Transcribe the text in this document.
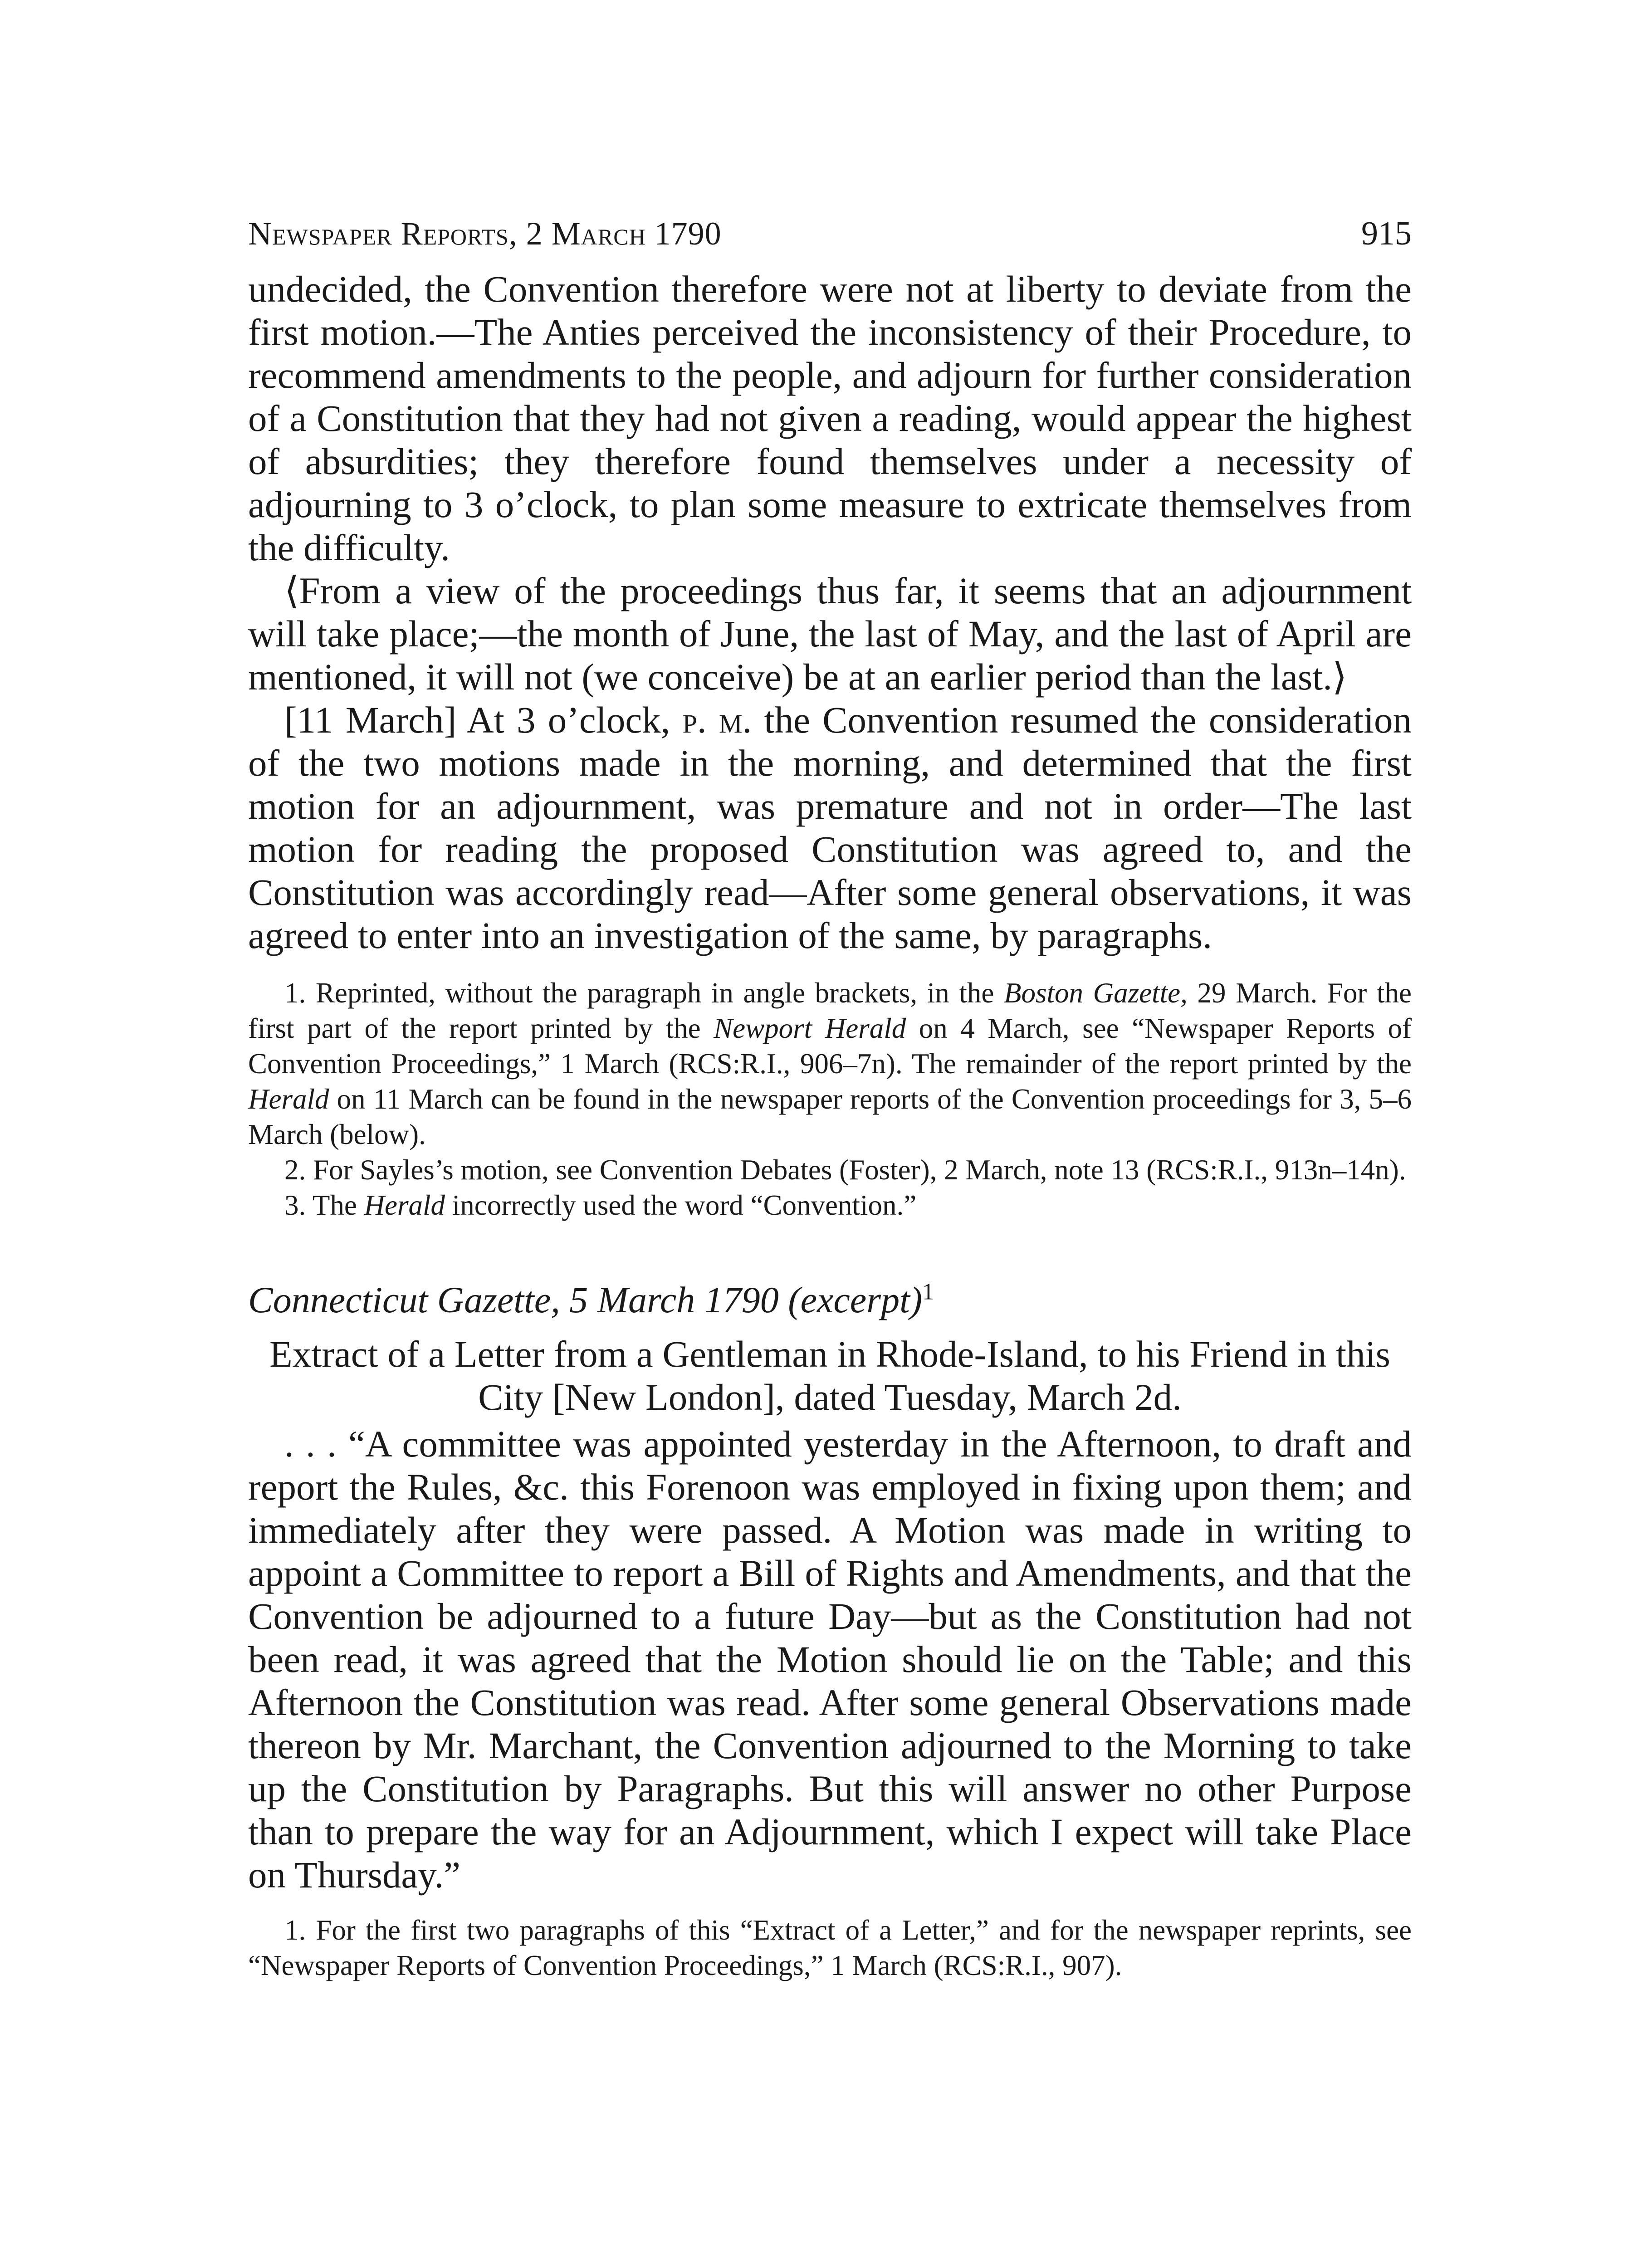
Newspaper Reports, 2 March 1790	915

undecided, the Convention therefore were not at liberty to deviate from the first motion.—The Anties perceived the inconsistency of their Procedure, to recommend amendments to the people, and adjourn for further consideration of a Constitution that they had not given a reading, would appear the highest of absurdities; they therefore found themselves under a necessity of adjourning to 3 o’clock, to plan some measure to extricate themselves from the difficulty.

⟨From a view of the proceedings thus far, it seems that an adjournment will take place;—the month of June, the last of May, and the last of April are mentioned, it will not (we conceive) be at an earlier period than the last.⟩

[11 March] At 3 o’clock, p. m. the Convention resumed the consideration of the two motions made in the morning, and determined that the first motion for an adjournment, was premature and not in order—The last motion for reading the proposed Constitution was agreed to, and the Constitution was accordingly read—After some general observations, it was agreed to enter into an investigation of the same, by paragraphs.

1. Reprinted, without the paragraph in angle brackets, in the Boston Gazette, 29 March. For the first part of the report printed by the Newport Herald on 4 March, see “Newspaper Reports of Convention Proceedings,” 1 March (RCS:R.I., 906–7n). The remainder of the report printed by the Herald on 11 March can be found in the newspaper reports of the Convention proceedings for 3, 5–6 March (below).

2. For Sayles’s motion, see Convention Debates (Foster), 2 March, note 13 (RCS:R.I., 913n–14n).

3. The Herald incorrectly used the word “Convention.”

Connecticut Gazette, 5 March 1790 (excerpt)$^1$
Extract of a Letter from a Gentleman in Rhode-Island, to his Friend in this City [New London], dated Tuesday, March 2d.

. . . “A committee was appointed yesterday in the Afternoon, to draft and report the Rules, &c. this Forenoon was employed in fixing upon them; and immediately after they were passed. A Motion was made in writing to appoint a Committee to report a Bill of Rights and Amendments, and that the Convention be adjourned to a future Day—but as the Constitution had not been read, it was agreed that the Motion should lie on the Table; and this Afternoon the Constitution was read. After some general Observations made thereon by Mr. Marchant, the Convention adjourned to the Morning to take up the Constitution by Paragraphs. But this will answer no other Purpose than to prepare the way for an Adjournment, which I expect will take Place on Thursday.”

1. For the first two paragraphs of this “Extract of a Letter,” and for the newspaper reprints, see “Newspaper Reports of Convention Proceedings,” 1 March (RCS:R.I., 907).
